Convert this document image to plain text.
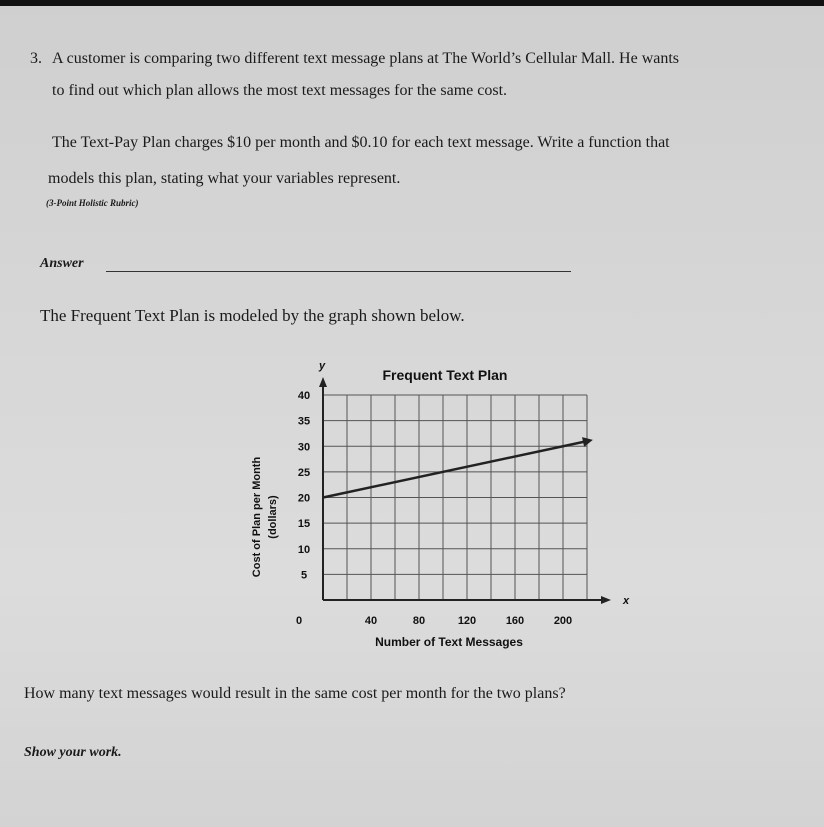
3. A customer is comparing two different text message plans at The World’s Cellular Mall. He wants

to find out which plan allows the most text messages for the same cost.

The Text-Pay Plan charges $10 per month and $0.10 for each text message. Write a function that

models this plan, stating what your variables represent.

(3-Point Holistic Rubric)

Answer

The Frequent Text Plan is modeled by the graph shown below.

Frequent Text Plan
x
y
0	40	80	120	160	200
5
10
15
20
25
30
35
40
Number of Text Messages
Cost of Plan per Month (dollars)

How many text messages would result in the same cost per month for the two plans?

Show your work.
